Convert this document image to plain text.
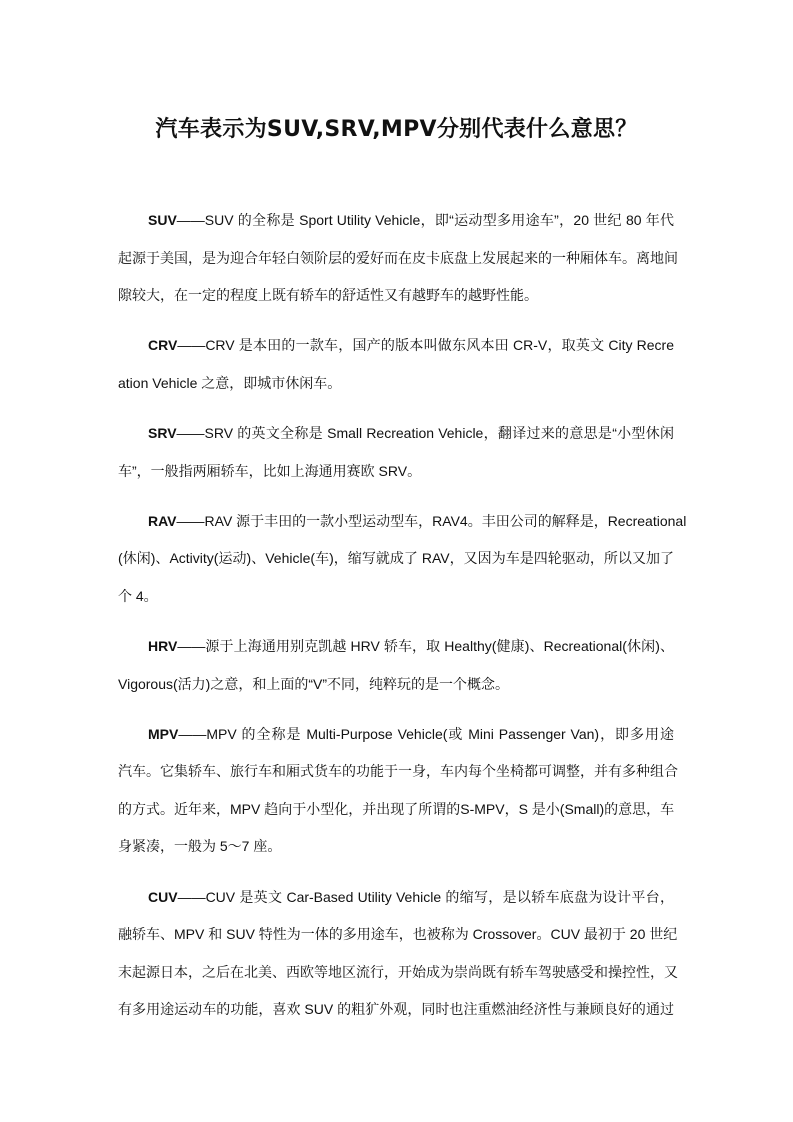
汽车表示为SUV,SRV,MPV分别代表什么意思？
SUV——SUV 的全称是 Sport Utility Vehicle，即“运动型多用途车”，20 世纪 80 年代
起源于美国，是为迎合年轻白领阶层的爱好而在皮卡底盘上发展起来的一种厢体车。离地间
隙较大，在一定的程度上既有轿车的舒适性又有越野车的越野性能。
CRV——CRV 是本田的一款车，国产的版本叫做东风本田 CR-V，取英文 City Recre
ation Vehicle 之意，即城市休闲车。
SRV——SRV 的英文全称是 Small Recreation Vehicle，翻译过来的意思是“小型休闲
车”，一般指两厢轿车，比如上海通用赛欧 SRV。
RAV——RAV 源于丰田的一款小型运动型车，RAV4。丰田公司的解释是，Recreational
(休闲)、Activity(运动)、Vehicle(车)，缩写就成了 RAV，又因为车是四轮驱动，所以又加了
个 4。
HRV——源于上海通用别克凯越 HRV 轿车，取 Healthy(健康)、Recreational(休闲)、
Vigorous(活力)之意，和上面的“V”不同，纯粹玩的是一个概念。
MPV——MPV 的全称是 Multi-Purpose Vehicle(或 Mini Passenger Van)，即多用途
汽车。它集轿车、旅行车和厢式货车的功能于一身，车内每个坐椅都可调整，并有多种组合
的方式。近年来，MPV 趋向于小型化，并出现了所谓的S-MPV，S 是小(Small)的意思，车
身紧凑，一般为 5～7 座。
CUV——CUV 是英文 Car-Based Utility Vehicle 的缩写，是以轿车底盘为设计平台，
融轿车、MPV 和 SUV 特性为一体的多用途车，也被称为 Crossover。CUV 最初于 20 世纪
末起源日本，之后在北美、西欧等地区流行，开始成为崇尚既有轿车驾驶感受和操控性，又
有多用途运动车的功能，喜欢 SUV 的粗犷外观，同时也注重燃油经济性与兼顾良好的通过
